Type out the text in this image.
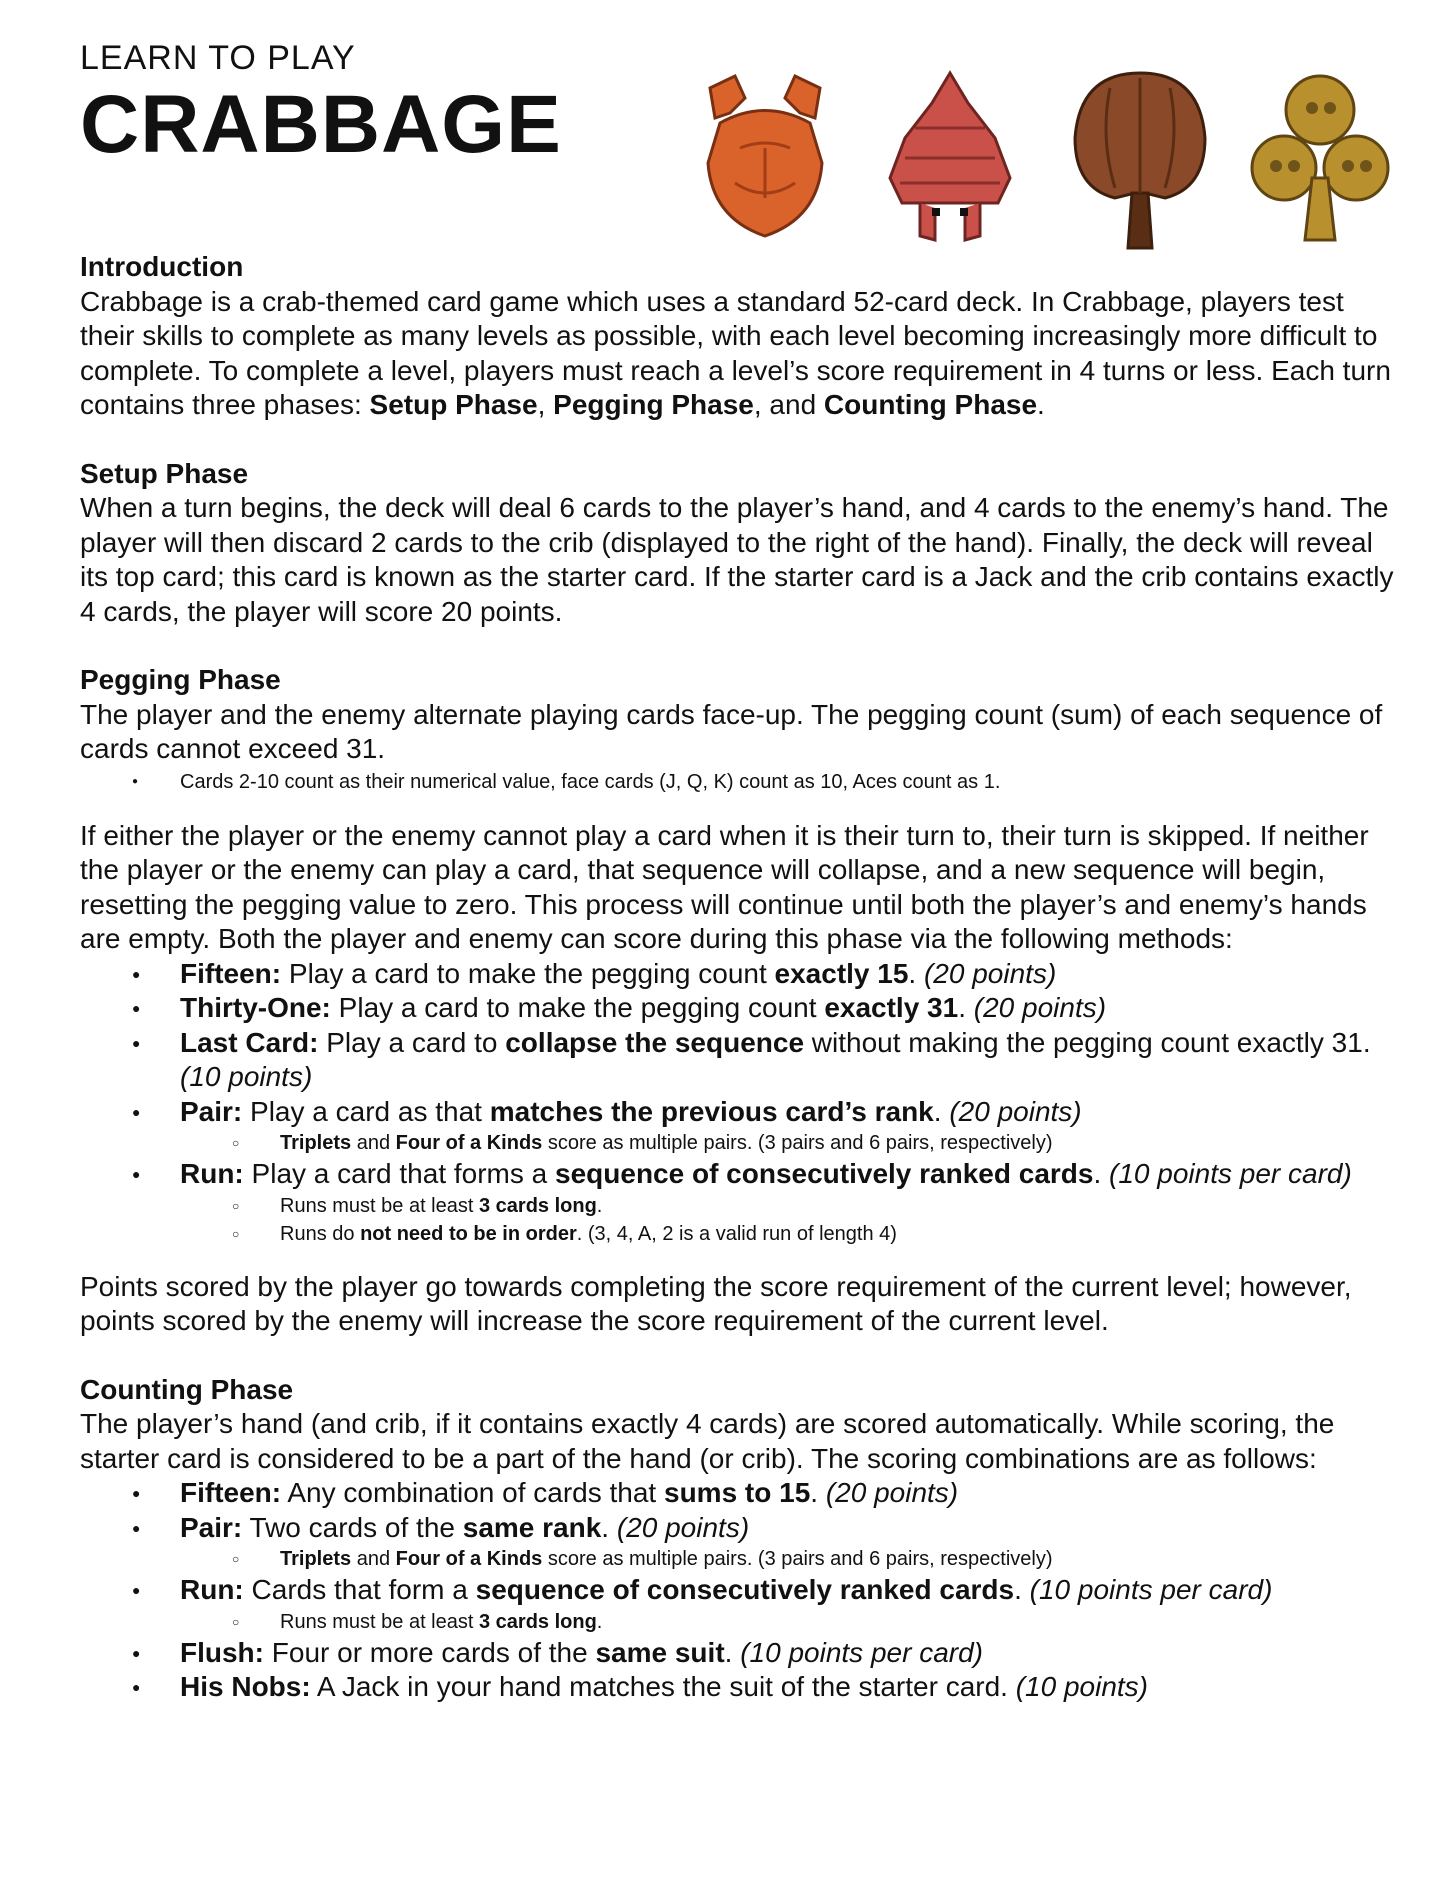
LEARN TO PLAY
CRABBAGE
Introduction

Crabbage is a crab-themed card game which uses a standard 52-card deck. In Crabbage, players test their skills to complete as many levels as possible, with each level becoming increasingly more difficult to complete. To complete a level, players must reach a level’s score requirement in 4 turns or less. Each turn contains three phases: Setup Phase, Pegging Phase, and Counting Phase.

Setup Phase

When a turn begins, the deck will deal 6 cards to the player’s hand, and 4 cards to the enemy’s hand. The player will then discard 2 cards to the crib (displayed to the right of the hand). Finally, the deck will reveal its top card; this card is known as the starter card. If the starter card is a Jack and the crib contains exactly 4 cards, the player will score 20 points.

Pegging Phase

The player and the enemy alternate playing cards face-up. The pegging count (sum) of each sequence of cards cannot exceed 31.

● Cards 2-10 count as their numerical value, face cards (J, Q, K) count as 10, Aces count as 1.

If either the player or the enemy cannot play a card when it is their turn to, their turn is skipped. If neither the player or the enemy can play a card, that sequence will collapse, and a new sequence will begin, resetting the pegging value to zero. This process will continue until both the player’s and enemy’s hands are empty. Both the player and enemy can score during this phase via the following methods:

● Fifteen: Play a card to make the pegging count exactly 15. (20 points)
● Thirty-One: Play a card to make the pegging count exactly 31. (20 points)
● Last Card: Play a card to collapse the sequence without making the pegging count exactly 31. (10 points)
● Pair: Play a card as that matches the previous card’s rank. (20 points)
○ Triplets and Four of a Kinds score as multiple pairs. (3 pairs and 6 pairs, respectively)
● Run: Play a card that forms a sequence of consecutively ranked cards. (10 points per card)
○ Runs must be at least 3 cards long.
○ Runs do not need to be in order. (3, 4, A, 2 is a valid run of length 4)

Points scored by the player go towards completing the score requirement of the current level; however, points scored by the enemy will increase the score requirement of the current level.

Counting Phase

The player’s hand (and crib, if it contains exactly 4 cards) are scored automatically. While scoring, the starter card is considered to be a part of the hand (or crib). The scoring combinations are as follows:

● Fifteen: Any combination of cards that sums to 15. (20 points)
● Pair: Two cards of the same rank. (20 points)
○ Triplets and Four of a Kinds score as multiple pairs. (3 pairs and 6 pairs, respectively)
● Run: Cards that form a sequence of consecutively ranked cards. (10 points per card)
○ Runs must be at least 3 cards long.
● Flush: Four or more cards of the same suit. (10 points per card)
● His Nobs: A Jack in your hand matches the suit of the starter card. (10 points)
